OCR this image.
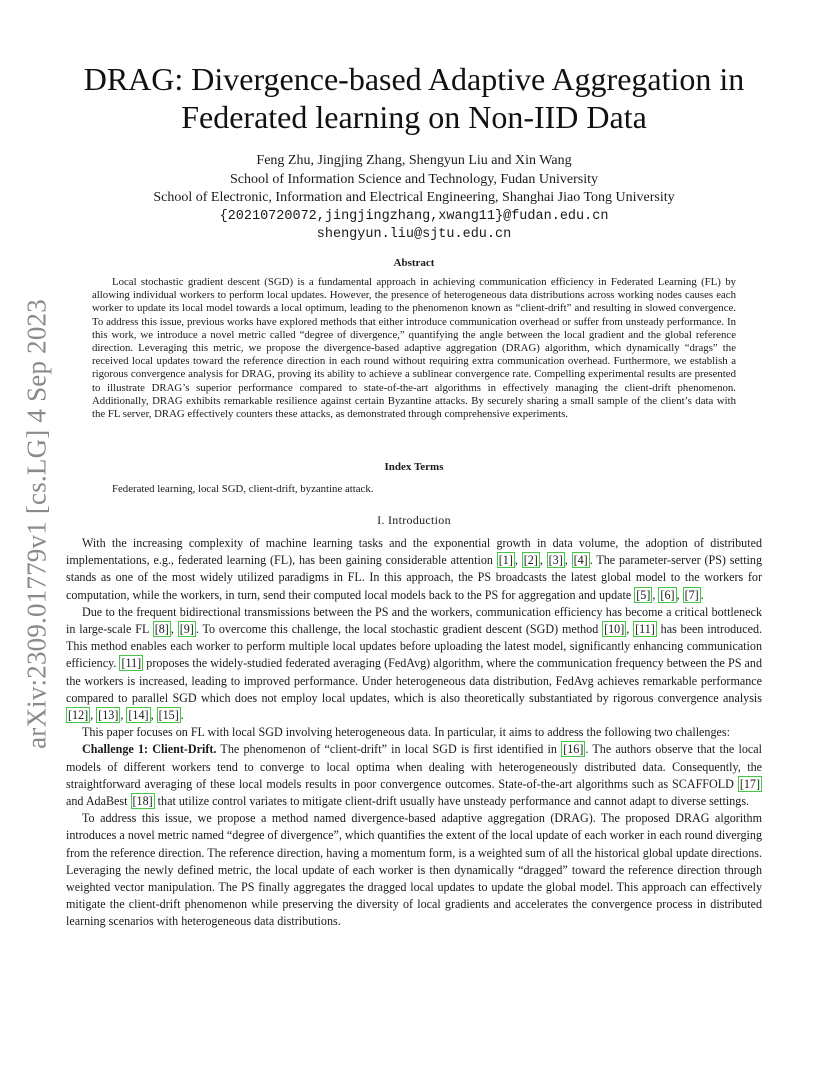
arXiv:2309.01779v1 [cs.LG] 4 Sep 2023
DRAG: Divergence-based Adaptive Aggregation in
Federated learning on Non-IID Data
Feng Zhu, Jingjing Zhang, Shengyun Liu and Xin Wang
School of Information Science and Technology, Fudan University
School of Electronic, Information and Electrical Engineering, Shanghai Jiao Tong University
{20210720072,jingjingzhang,xwang11}@fudan.edu.cn
shengyun.liu@sjtu.edu.cn
Abstract

Local stochastic gradient descent (SGD) is a fundamental approach in achieving communication efficiency in Federated Learning (FL) by allowing individual workers to perform local updates. However, the presence of heterogeneous data distributions across working nodes causes each worker to update its local model towards a local optimum, leading to the phenomenon known as “client-drift” and resulting in slowed convergence. To address this issue, previous works have explored methods that either introduce communication overhead or suffer from unsteady performance. In this work, we introduce a novel metric called “degree of divergence,” quantifying the angle between the local gradient and the global reference direction. Leveraging this metric, we propose the divergence-based adaptive aggregation (DRAG) algorithm, which dynamically “drags” the received local updates toward the reference direction in each round without requiring extra communication overhead. Furthermore, we establish a rigorous convergence analysis for DRAG, proving its ability to achieve a sublinear convergence rate. Compelling experimental results are presented to illustrate DRAG’s superior performance compared to state-of-the-art algorithms in effectively managing the client-drift phenomenon. Additionally, DRAG exhibits remarkable resilience against certain Byzantine attacks. By securely sharing a small sample of the client’s data with the FL server, DRAG effectively counters these attacks, as demonstrated through comprehensive experiments.

Index Terms

Federated learning, local SGD, client-drift, byzantine attack.

I. Introduction

With the increasing complexity of machine learning tasks and the exponential growth in data volume, the adoption of distributed implementations, e.g., federated learning (FL), has been gaining considerable attention [1] , [2] , [3] , [4] . The parameter-server (PS) setting stands as one of the most widely utilized paradigms in FL. In this approach, the PS broadcasts the latest global model to the workers for computation, while the workers, in turn, send their computed local models back to the PS for aggregation and update [5] , [6] , [7] .

Due to the frequent bidirectional transmissions between the PS and the workers, communication efficiency has become a critical bottleneck in large-scale FL [8] , [9] . To overcome this challenge, the local stochastic gradient descent (SGD) method [10] , [11] has been introduced. This method enables each worker to perform multiple local updates before uploading the latest model, significantly enhancing communication efficiency. [11] proposes the widely-studied federated averaging (FedAvg) algorithm, where the communication frequency between the PS and the workers is increased, leading to improved performance. Under heterogeneous data distribution, FedAvg achieves remarkable performance compared to parallel SGD which does not employ local updates, which is also theoretically substantiated by rigorous convergence analysis [12] , [13] , [14] , [15] .

This paper focuses on FL with local SGD involving heterogeneous data. In particular, it aims to address the following two challenges:

Challenge 1: Client-Drift. The phenomenon of “client-drift” in local SGD is first identified in [16] . The authors observe that the local models of different workers tend to converge to local optima when dealing with heterogeneously distributed data. Consequently, the straightforward averaging of these local models results in poor convergence outcomes. State-of-the-art algorithms such as SCAFFOLD [17] and AdaBest [18] that utilize control variates to mitigate client-drift usually have unsteady performance and cannot adapt to diverse settings.

To address this issue, we propose a method named divergence-based adaptive aggregation (DRAG). The proposed DRAG algorithm introduces a novel metric named “degree of divergence”, which quantifies the extent of the local update of each worker in each round diverging from the reference direction. The reference direction, having a momentum form, is a weighted sum of all the historical global update directions. Leveraging the newly defined metric, the local update of each worker is then dynamically “dragged” toward the reference direction through weighted vector manipulation. The PS finally aggregates the dragged local updates to update the global model. This approach can effectively mitigate the client-drift phenomenon while preserving the diversity of local gradients and accelerates the convergence process in distributed learning scenarios with heterogeneous data distributions.
